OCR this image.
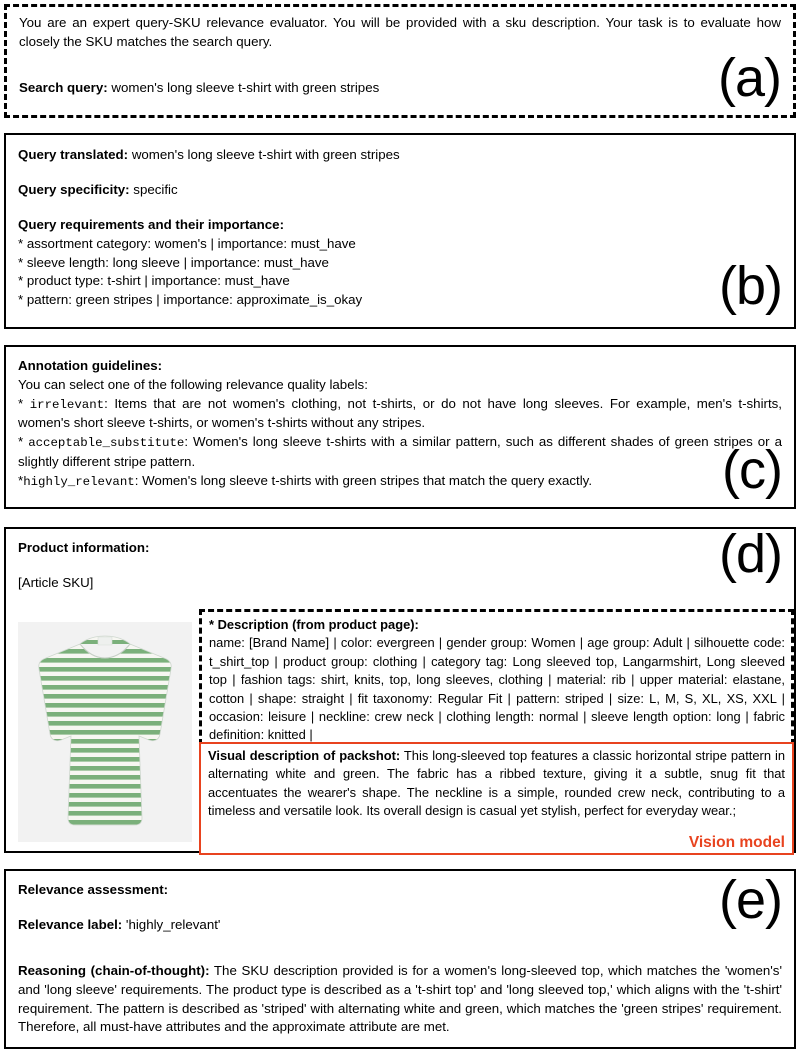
You are an expert query-SKU relevance evaluator. You will be provided with a sku description. Your task is to evaluate how closely the SKU matches the search query.
Search query: women's long sleeve t-shirt with green stripes	(a)
Query translated: women's long sleeve t-shirt with green stripes
Query specificity: specific
Query requirements and their importance:
* assortment category: women's | importance: must_have
* sleeve length: long sleeve | importance: must_have
* product type: t-shirt | importance: must_have
* pattern: green stripes | importance: approximate_is_okay	(b)
Annotation guidelines:
You can select one of the following relevance quality labels:
* irrelevant: Items that are not women's clothing, not t-shirts, or do not have long sleeves. For example, men's t-shirts, women's short sleeve t-shirts, or women's t-shirts without any stripes.
* acceptable_substitute: Women's long sleeve t-shirts with a similar pattern, such as different shades of green stripes or a slightly different stripe pattern.
*highly_relevant: Women's long sleeve t-shirts with green stripes that match the query exactly.	(c)
Product information:
[Article SKU]	(d)
* Description (from product page):
name: [Brand Name] | color: evergreen | gender group: Women | age group: Adult | silhouette code: t_shirt_top | product group: clothing | category tag: Long sleeved top, Langarmshirt, Long sleeved top | fashion tags: shirt, knits, top, long sleeves, clothing | material: rib | upper material: elastane, cotton | shape: straight | fit taxonomy: Regular Fit | pattern: striped | size: L, M, S, XL, XS, XXL | occasion: leisure | neckline: crew neck | clothing length: normal | sleeve length option: long | fabric definition: knitted |
Visual description of packshot: This long-sleeved top features a classic horizontal stripe pattern in alternating white and green. The fabric has a ribbed texture, giving it a subtle, snug fit that accentuates the wearer's shape. The neckline is a simple, rounded crew neck, contributing to a timeless and versatile look. Its overall design is casual yet stylish, perfect for everyday wear.;
Vision model
Relevance assessment:
Relevance label: 'highly_relevant'
Reasoning (chain-of-thought): The SKU description provided is for a women's long-sleeved top, which matches the 'women's' and 'long sleeve' requirements. The product type is described as a 't-shirt top' and 'long sleeved top,' which aligns with the 't-shirt' requirement. The pattern is described as 'striped' with alternating white and green, which matches the 'green stripes' requirement. Therefore, all must-have attributes and the approximate attribute are met.
(e)
